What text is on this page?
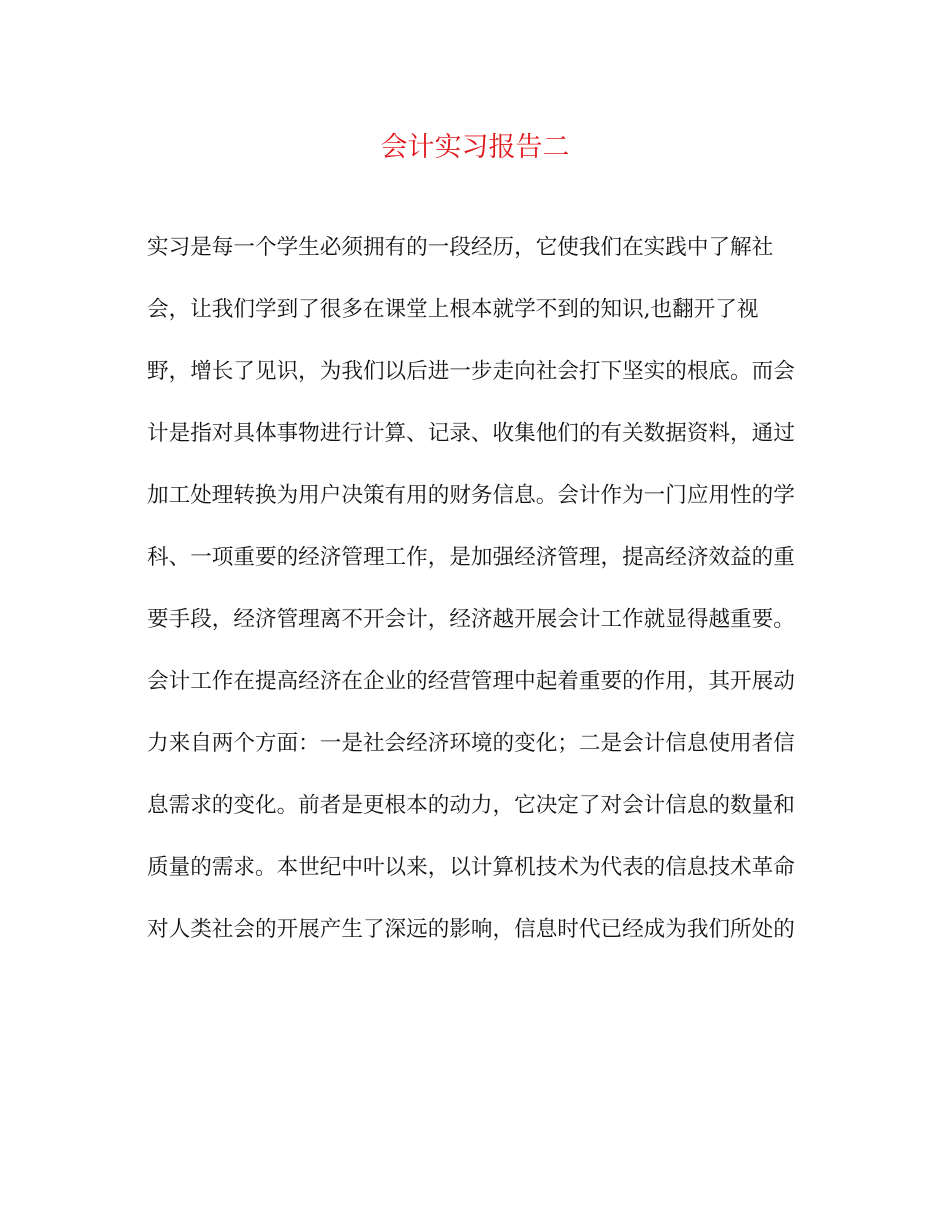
会计实习报告二
实习是每一个学生必须拥有的一段经历，它使我们在实践中了解社
会，让我们学到了很多在课堂上根本就学不到的知识,也翻开了视
野，增长了见识，为我们以后进一步走向社会打下坚实的根底。而会
计是指对具体事物进行计算、记录、收集他们的有关数据资料，通过
加工处理转换为用户决策有用的财务信息。会计作为一门应用性的学
科、一项重要的经济管理工作，是加强经济管理，提高经济效益的重
要手段，经济管理离不开会计，经济越开展会计工作就显得越重要。
会计工作在提高经济在企业的经营管理中起着重要的作用，其开展动
力来自两个方面：一是社会经济环境的变化；二是会计信息使用者信
息需求的变化。前者是更根本的动力，它决定了对会计信息的数量和
质量的需求。本世纪中叶以来，以计算机技术为代表的信息技术革命
对人类社会的开展产生了深远的影响，信息时代已经成为我们所处的
